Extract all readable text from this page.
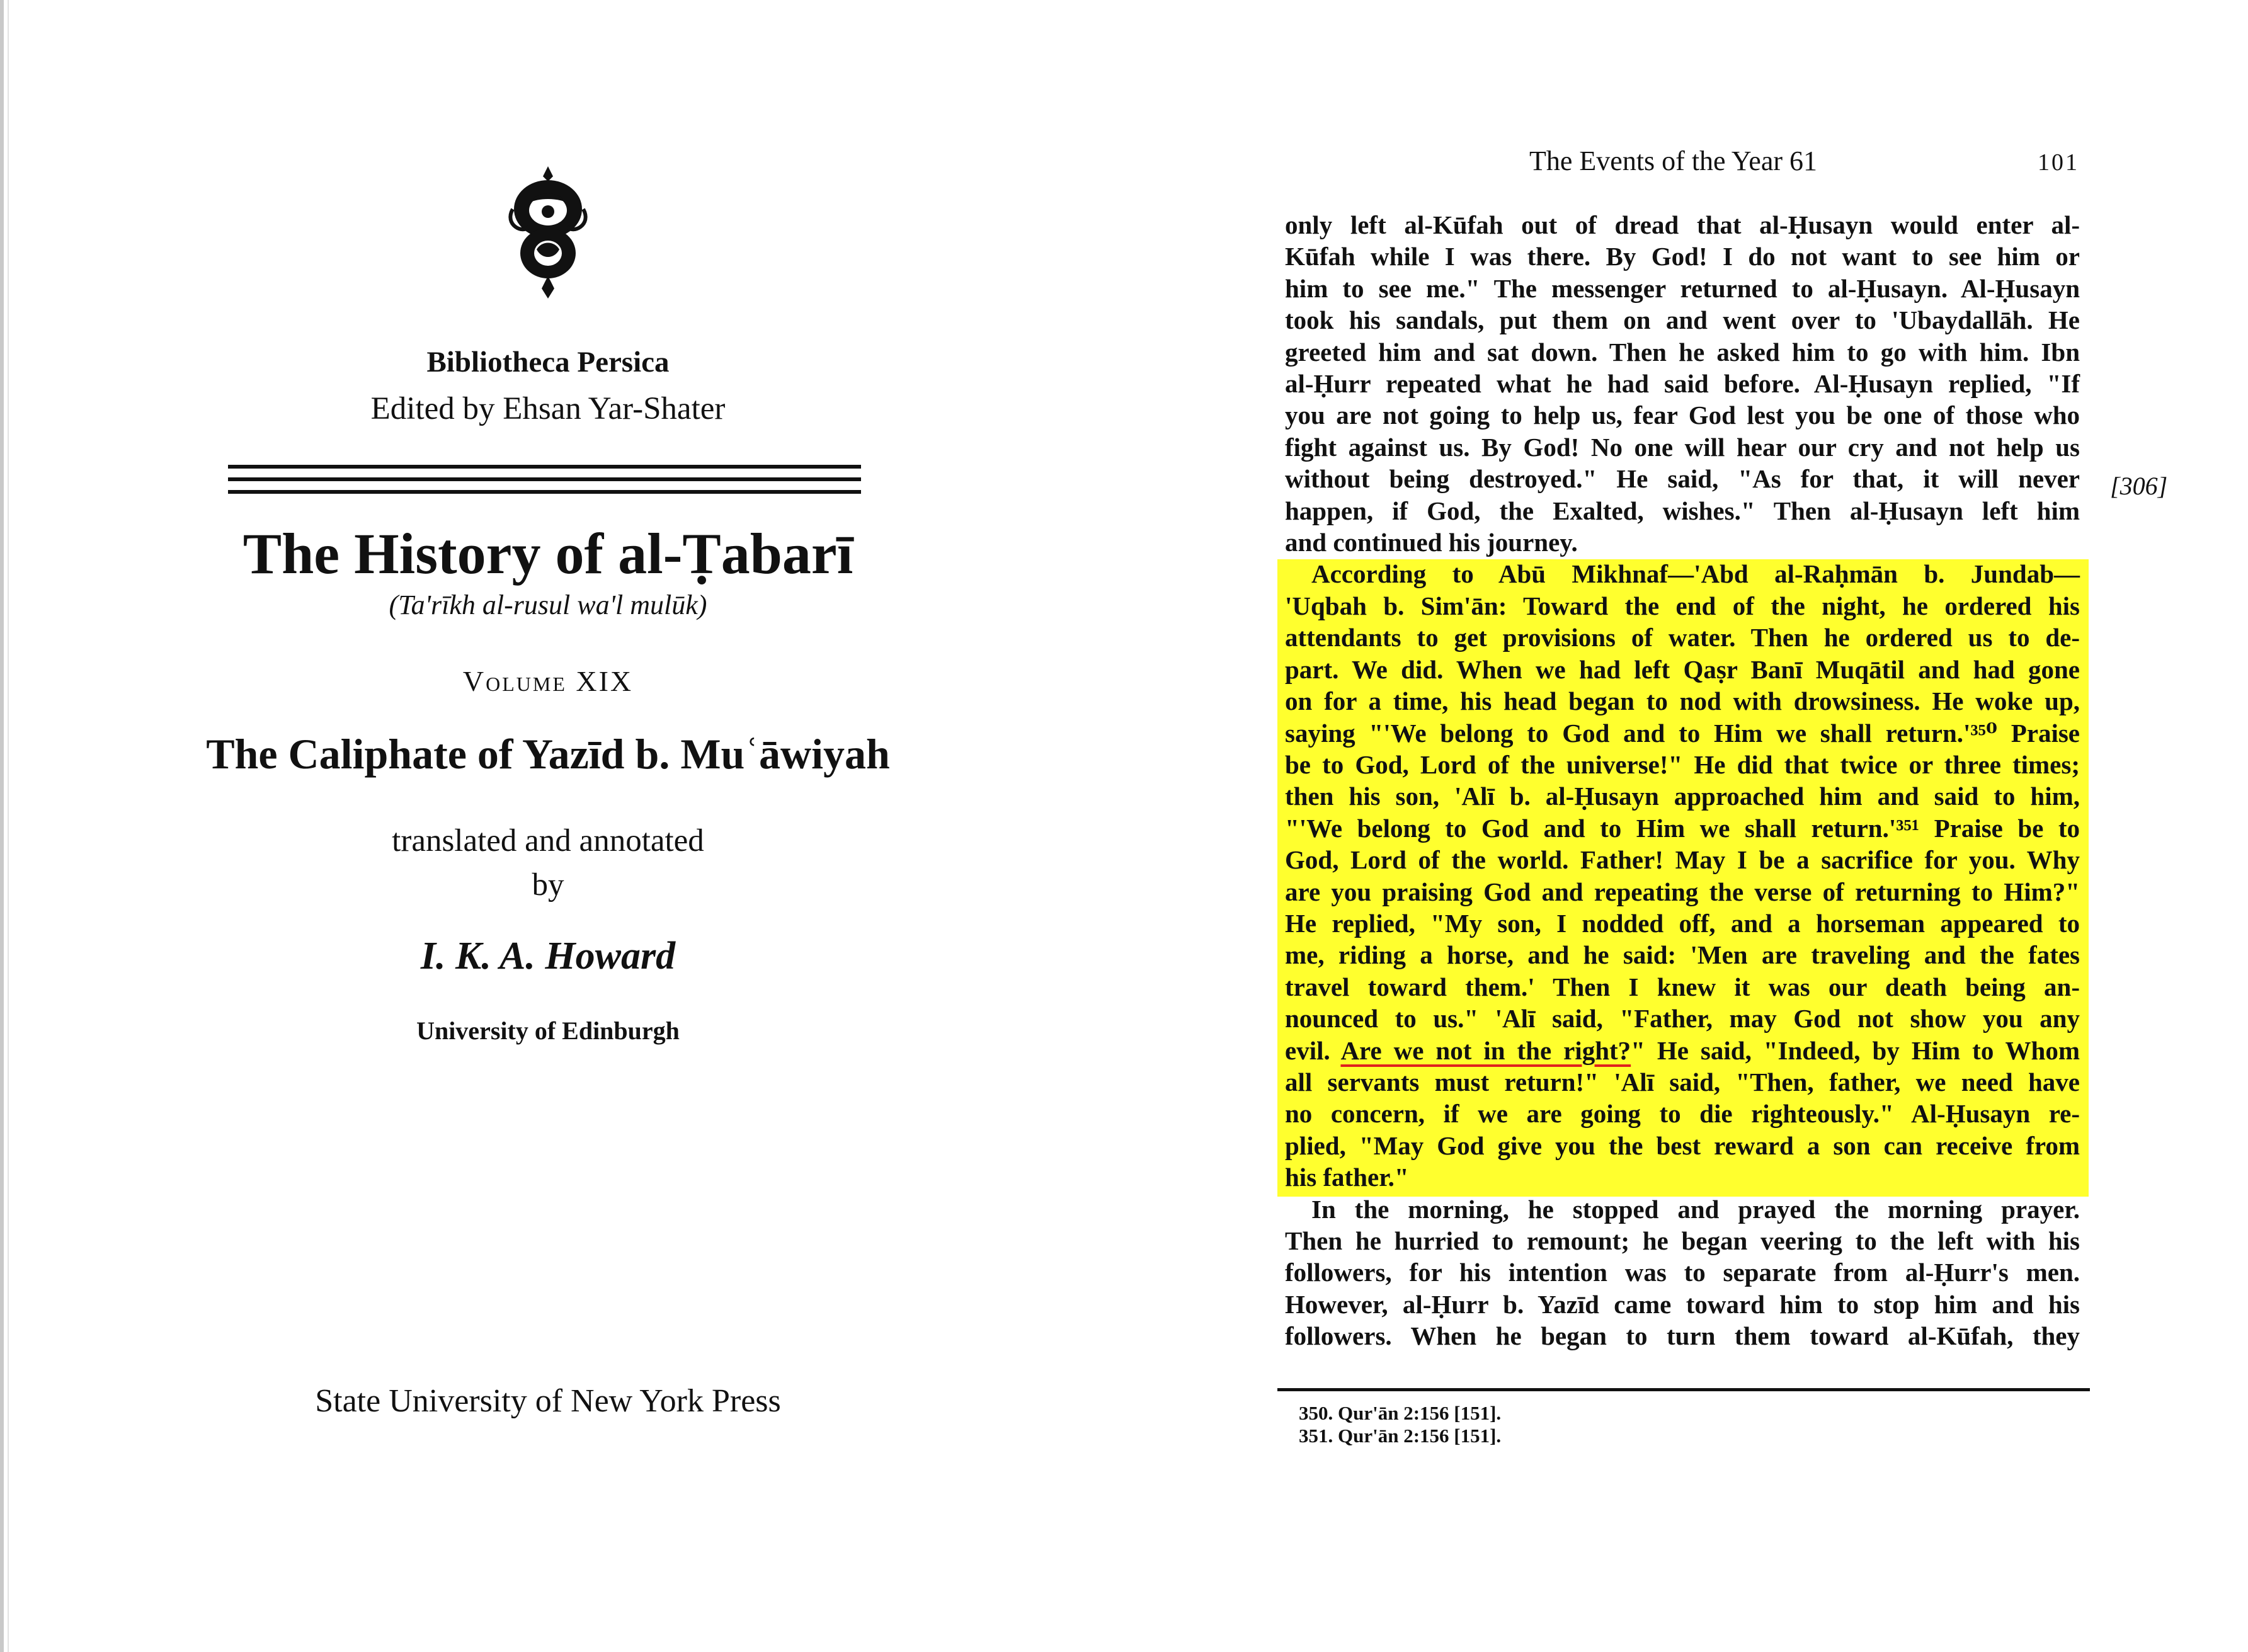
Bibliotheca Persica
Edited by Ehsan Yar-Shater
The History of al-Ṭabarī
(Ta'rīkh al-rusul wa'l mulūk)
Volume XIX
The Caliphate of Yazīd b. Muʿāwiyah
translated and annotated
by
I. K. A. Howard
University of Edinburgh
State University of New York Press
The Events of the Year 61	101
[306]
only left al-Kūfah out of dread that al-Ḥusayn would enter al-
Kūfah while I was there. By God! I do not want to see him or
him to see me." The messenger returned to al-Ḥusayn. Al-Ḥusayn
took his sandals, put them on and went over to 'Ubaydallāh. He
greeted him and sat down. Then he asked him to go with him. Ibn
al-Ḥurr repeated what he had said before. Al-Ḥusayn replied, "If
you are not going to help us, fear God lest you be one of those who
fight against us. By God! No one will hear our cry and not help us
without being destroyed." He said, "As for that, it will never
happen, if God, the Exalted, wishes." Then al-Ḥusayn left him
and continued his journey.
According to Abū Mikhnaf—'Abd al-Raḥmān b. Jundab—
'Uqbah b. Sim'ān: Toward the end of the night, he ordered his
attendants to get provisions of water. Then he ordered us to de-
part. We did. When we had left Qaṣr Banī Muqātil and had gone
on for a time, his head began to nod with drowsiness. He woke up,
saying "'We belong to God and to Him we shall return.'³⁵⁰ Praise
be to God, Lord of the universe!" He did that twice or three times;
then his son, 'Alī b. al-Ḥusayn approached him and said to him,
"'We belong to God and to Him we shall return.'³⁵¹ Praise be to
God, Lord of the world. Father! May I be a sacrifice for you. Why
are you praising God and repeating the verse of returning to Him?"
He replied, "My son, I nodded off, and a horseman appeared to
me, riding a horse, and he said: 'Men are traveling and the fates
travel toward them.' Then I knew it was our death being an-
nounced to us." 'Alī said, "Father, may God not show you any
evil. Are we not in the right?" He said, "Indeed, by Him to Whom
all servants must return!" 'Alī said, "Then, father, we need have
no concern, if we are going to die righteously." Al-Ḥusayn re-
plied, "May God give you the best reward a son can receive from
his father."
In the morning, he stopped and prayed the morning prayer.
Then he hurried to remount; he began veering to the left with his
followers, for his intention was to separate from al-Ḥurr's men.
However, al-Ḥurr b. Yazīd came toward him to stop him and his
followers. When he began to turn them toward al-Kūfah, they
350. Qur'ān 2:156 [151].
351. Qur'ān 2:156 [151].
